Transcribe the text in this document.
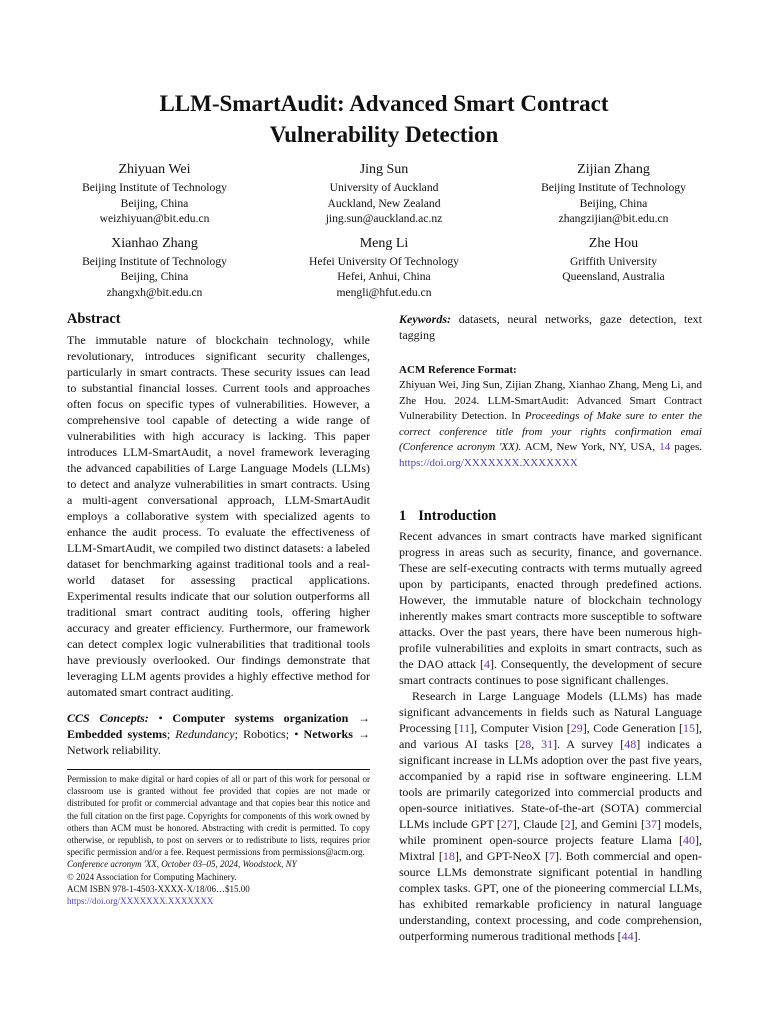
LLM-SmartAudit: Advanced Smart Contract
Vulnerability Detection
Zhiyuan Wei
Beijing Institute of Technology
Beijing, China
weizhiyuan@bit.edu.cn
Jing Sun
University of Auckland
Auckland, New Zealand
jing.sun@auckland.ac.nz
Zijian Zhang
Beijing Institute of Technology
Beijing, China
zhangzijian@bit.edu.cn
Xianhao Zhang
Beijing Institute of Technology
Beijing, China
zhangxh@bit.edu.cn
Meng Li
Hefei University Of Technology
Hefei, Anhui, China
mengli@hfut.edu.cn
Zhe Hou
Griffith University
Queensland, Australia
Abstract

The immutable nature of blockchain technology, while revolutionary, introduces significant security challenges, particularly in smart contracts. These security issues can lead to substantial financial losses. Current tools and approaches often focus on specific types of vulnerabilities. However, a comprehensive tool capable of detecting a wide range of vulnerabilities with high accuracy is lacking. This paper introduces LLM-SmartAudit, a novel framework leveraging the advanced capabilities of Large Language Models (LLMs) to detect and analyze vulnerabilities in smart contracts. Using a multi-agent conversational approach, LLM-SmartAudit employs a collaborative system with specialized agents to enhance the audit process. To evaluate the effectiveness of LLM-SmartAudit, we compiled two distinct datasets: a labeled dataset for benchmarking against traditional tools and a real-world dataset for assessing practical applications. Experimental results indicate that our solution outperforms all traditional smart contract auditing tools, offering higher accuracy and greater efficiency. Furthermore, our framework can detect complex logic vulnerabilities that traditional tools have previously overlooked. Our findings demonstrate that leveraging LLM agents provides a highly effective method for automated smart contract auditing.

CCS Concepts: • Computer systems organization → Embedded systems; Redundancy; Robotics; • Networks → Network reliability.

Permission to make digital or hard copies of all or part of this work for personal or classroom use is granted without fee provided that copies are not made or distributed for profit or commercial advantage and that copies bear this notice and the full citation on the first page. Copyrights for components of this work owned by others than ACM must be honored. Abstracting with credit is permitted. To copy otherwise, or republish, to post on servers or to redistribute to lists, requires prior specific permission and/or a fee. Request permissions from permissions@acm.org.

Conference acronym 'XX, October 03–05, 2024, Woodstock, NY

© 2024 Association for Computing Machinery.

ACM ISBN 978-1-4503-XXXX-X/18/06…$15.00

https://doi.org/XXXXXXX.XXXXXXX

Keywords: datasets, neural networks, gaze detection, text tagging

ACM Reference Format:

Zhiyuan Wei, Jing Sun, Zijian Zhang, Xianhao Zhang, Meng Li, and Zhe Hou. 2024. LLM-SmartAudit: Advanced Smart Contract Vulnerability Detection. In Proceedings of Make sure to enter the correct conference title from your rights confirmation emai (Conference acronym 'XX). ACM, New York, NY, USA, 14 pages. https://doi.org/XXXXXXX.XXXXXXX

1 Introduction

Recent advances in smart contracts have marked significant progress in areas such as security, finance, and governance. These are self-executing contracts with terms mutually agreed upon by participants, enacted through predefined actions. However, the immutable nature of blockchain technology inherently makes smart contracts more susceptible to software attacks. Over the past years, there have been numerous high-profile vulnerabilities and exploits in smart contracts, such as the DAO attack [4]. Consequently, the development of secure smart contracts continues to pose significant challenges.

Research in Large Language Models (LLMs) has made significant advancements in fields such as Natural Language Processing [11], Computer Vision [29], Code Generation [15], and various AI tasks [28, 31]. A survey [48] indicates a significant increase in LLMs adoption over the past five years, accompanied by a rapid rise in software engineering. LLM tools are primarily categorized into commercial products and open-source initiatives. State-of-the-art (SOTA) commercial LLMs include GPT [27], Claude [2], and Gemini [37] models, while prominent open-source projects feature Llama [40], Mixtral [18], and GPT-NeoX [7]. Both commercial and open-source LLMs demonstrate significant potential in handling complex tasks. GPT, one of the pioneering commercial LLMs, has exhibited remarkable proficiency in natural language understanding, context processing, and code comprehension, outperforming numerous traditional methods [44].
